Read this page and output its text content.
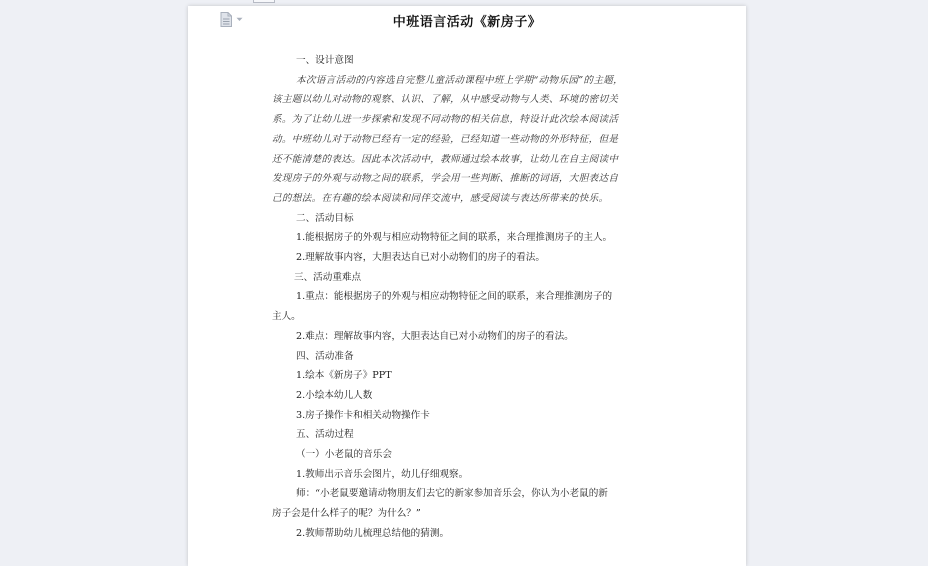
中班语言活动《新房子》

一、设计意图

本次语言活动的内容选自完整儿童活动课程中班上学期“动物乐园”的主题，

该主题以幼儿对动物的观察、认识、了解，从中感受动物与人类、环境的密切关

系。为了让幼儿进一步探索和发现不同动物的相关信息，特设计此次绘本阅读活

动。中班幼儿对于动物已经有一定的经验，已经知道一些动物的外形特征，但是

还不能清楚的表达。因此本次活动中，教师通过绘本故事，让幼儿在自主阅读中

发现房子的外观与动物之间的联系，学会用一些判断、推断的词语，大胆表达自

己的想法。在有趣的绘本阅读和同伴交流中，感受阅读与表达所带来的快乐。

二、活动目标

1.能根据房子的外观与相应动物特征之间的联系，来合理推测房子的主人。

2.理解故事内容，大胆表达自已对小动物们的房子的看法。

三、活动重难点

1.重点：能根据房子的外观与相应动物特征之间的联系，来合理推测房子的

主人。

2.难点：理解故事内容，大胆表达自已对小动物们的房子的看法。

四、活动准备

1.绘本《新房子》PPT

2.小绘本幼儿人数

3.房子操作卡和相关动物操作卡

五、活动过程

（一）小老鼠的音乐会

1.教师出示音乐会图片，幼儿仔细观察。

师：“小老鼠要邀请动物朋友们去它的新家参加音乐会，你认为小老鼠的新

房子会是什么样子的呢？为什么？”

2.教师帮助幼儿梳理总结他的猜测。
